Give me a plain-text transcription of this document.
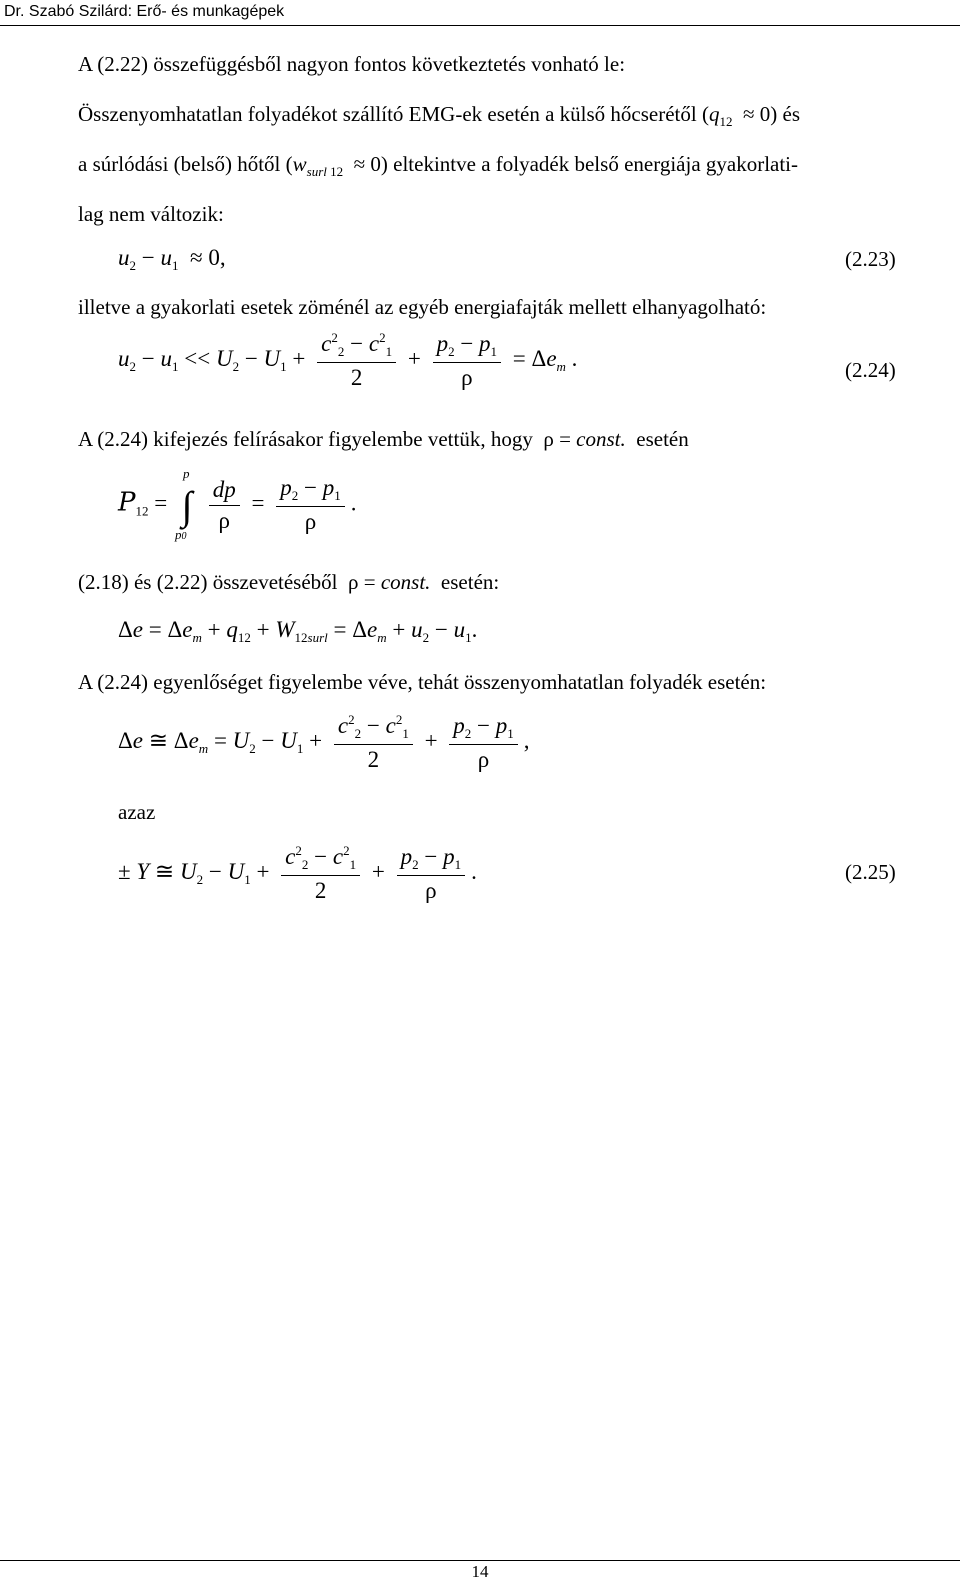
Dr. Szabó Szilárd: Erő- és munkagépek
A (2.22) összefüggésből nagyon fontos következtetés vonható le:
Összenyomhatatlan folyadékot szállító EMG-ek esetén a külső hőcserétől $(q_{12} \approx 0)$ és
a súrlódási (belső) hőtől $(w_{surl 12} \approx 0)$ eltekintve a folyadék belső energiája gyakorlati-
lag nem változik:
$u_2 - u_1 \approx 0$,	(2.23)
illetve a gyakorlati esetek zöménél az egyéb energiafajták mellett elhanyagolható:
$u_2 - u_1 << U_2 - U_1 + \frac{c^2_2 - c^2_1}{2} + \frac{p_2 - p_1}{\rho} = \Delta e_m$ .	(2.24)
A (2.24) kifejezés felírásakor figyelembe vettük, hogy  ρ = const. esetén
$P_{12}$ = ∫
p
p0

$\frac{dp}{\rho} = \frac{p_2 - p_1}{\rho}$ .
(2.18) és (2.22) összevetéséből  ρ = const. esetén:
$\Delta e = \Delta e_m + q_{12} + W_{12surl} = \Delta e_m + u_2 - u_1$.
A (2.24) egyenlőséget figyelembe véve, tehát összenyomhatatlan folyadék esetén:
Δe ≅ $\Delta e_m = U_2 - U_1 + \frac{c^2_2 - c^2_1}{2} + \frac{p_2 - p_1}{\rho}$ ,
azaz
± Y ≅ $U_2 - U_1 + \frac{c^2_2 - c^2_1}{2} + \frac{p_2 - p_1}{\rho}$ .	(2.25)
14
